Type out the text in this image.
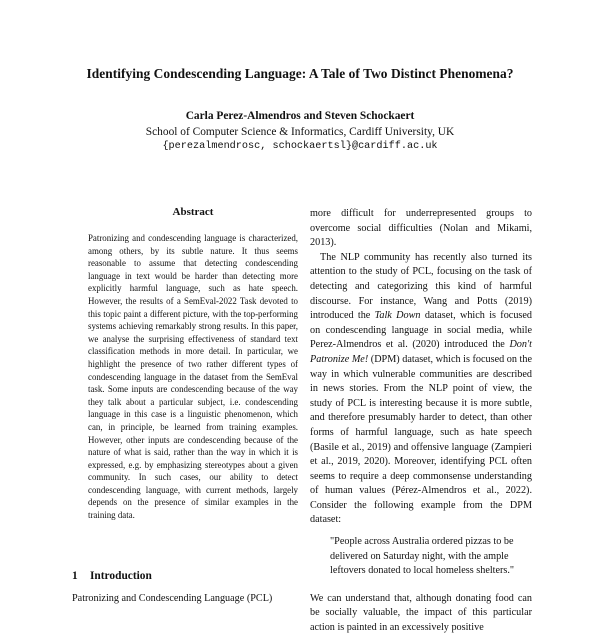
Identifying Condescending Language: A Tale of Two Distinct Phenomena?
Carla Perez-Almendros and Steven Schockaert
School of Computer Science & Informatics, Cardiff University, UK
{perezalmendrosc, schockaertsl}@cardiff.ac.uk
Abstract
Patronizing and condescending language is characterized, among others, by its subtle nature. It thus seems reasonable to assume that detecting condescending language in text would be harder than detecting more explicitly harmful language, such as hate speech. However, the results of a SemEval-2022 Task devoted to this topic paint a different picture, with the top-performing systems achieving remarkably strong results. In this paper, we analyse the surprising effectiveness of standard text classification methods in more detail. In particular, we highlight the presence of two rather different types of condescending language in the dataset from the SemEval task. Some inputs are condescending because of the way they talk about a particular subject, i.e. condescending language in this case is a linguistic phenomenon, which can, in principle, be learned from training examples. However, other inputs are condescending because of the nature of what is said, rather than the way in which it is expressed, e.g. by emphasizing stereotypes about a given community. In such cases, our ability to detect condescending language, with current methods, largely depends on the presence of similar examples in the training data.
1 Introduction
Patronizing and Condescending Language (PCL)

more difficult for underrepresented groups to overcome social difficulties (Nolan and Mikami, 2013).

The NLP community has recently also turned its attention to the study of PCL, focusing on the task of detecting and categorizing this kind of harmful discourse. For instance, Wang and Potts (2019) introduced the Talk Down dataset, which is focused on condescending language in social media, while Perez-Almendros et al. (2020) introduced the Don't Patronize Me! (DPM) dataset, which is focused on the way in which vulnerable communities are described in news stories. From the NLP point of view, the study of PCL is interesting because it is more subtle, and therefore presumably harder to detect, than other forms of harmful language, such as hate speech (Basile et al., 2019) and offensive language (Zampieri et al., 2019, 2020). Moreover, identifying PCL often seems to require a deep commonsense understanding of human values (Pérez-Almendros et al., 2022). Consider the following example from the DPM dataset:

"People across Australia ordered pizzas to be delivered on Saturday night, with the ample leftovers donated to local homeless shelters."

We can understand that, although donating food can be socially valuable, the impact of this particular action is painted in an excessively positive
